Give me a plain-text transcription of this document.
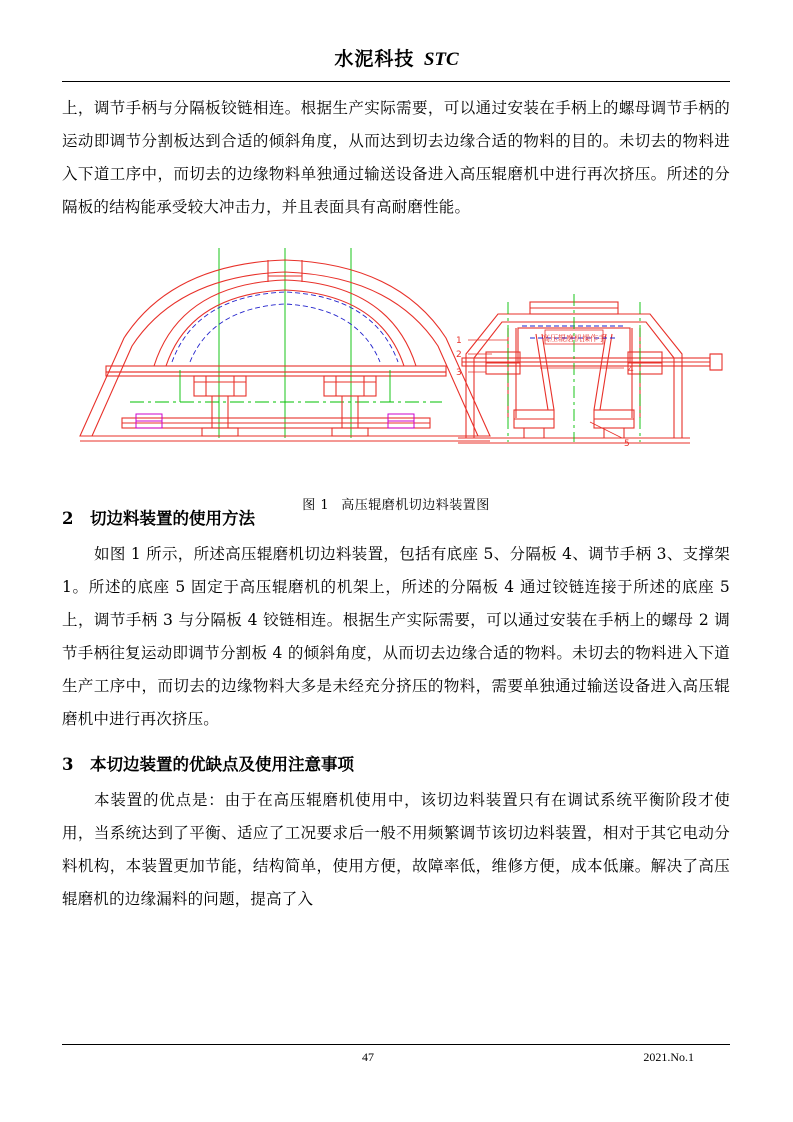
水泥科技 STC

上，调节手柄与分隔板铰链相连。根据生产实际需要，可以通过安装在手柄上的螺母调节手柄的运动即调节分割板达到合适的倾斜角度，从而达到切去边缘合适的物料的目的。未切去的物料进入下道工序中，而切去的边缘物料单独通过输送设备进入高压辊磨机中进行再次挤压。所述的分隔板的结构能承受较大冲击力，并且表面具有高耐磨性能。

高压辊磨机操作手
1
2
3	4
5
图 1 高压辊磨机切边料装置图
2 切边料装置的使用方法

如图 1 所示，所述高压辊磨机切边料装置，包括有底座 5、分隔板 4、调节手柄 3、支撑架 1。所述的底座 5 固定于高压辊磨机的机架上，所述的分隔板 4 通过铰链连接于所述的底座 5 上，调节手柄 3 与分隔板 4 铰链相连。根据生产实际需要，可以通过安装在手柄上的螺母 2 调节手柄往复运动即调节分割板 4 的倾斜角度，从而切去边缘合适的物料。未切去的物料进入下道生产工序中，而切去的边缘物料大多是未经充分挤压的物料，需要单独通过输送设备进入高压辊磨机中进行再次挤压。

3 本切边装置的优缺点及使用注意事项

本装置的优点是：由于在高压辊磨机使用中，该切边料装置只有在调试系统平衡阶段才使用，当系统达到了平衡、适应了工况要求后一般不用频繁调节该切边料装置，相对于其它电动分料机构，本装置更加节能，结构简单，使用方便，故障率低，维修方便，成本低廉。解决了高压辊磨机的边缘漏料的问题，提高了入

47	2021.No.1
